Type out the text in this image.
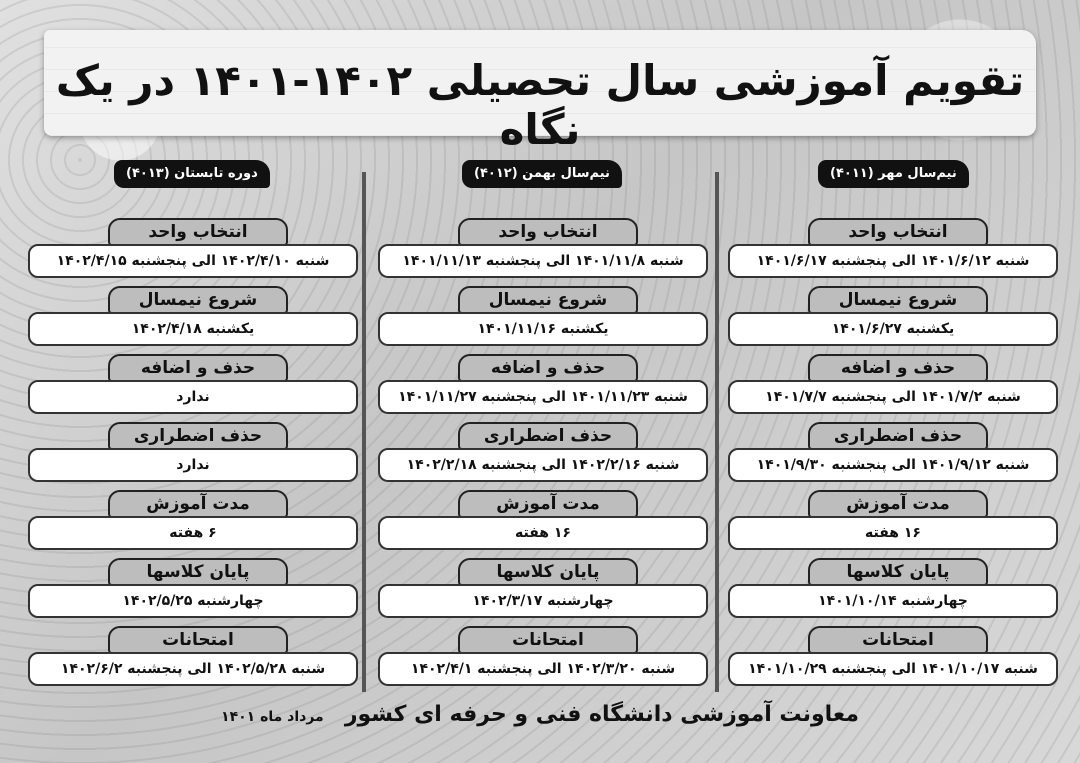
تقویم آموزشی سال تحصیلی ۱۴۰۲-۱۴۰۱ در یک نگاه
نیم‌سال مهر (۴۰۱۱)
انتخاب واحد
شنبه ۱۴۰۱/۶/۱۲ الی پنجشنبه ۱۴۰۱/۶/۱۷
شروع نیمسال
یکشنبه ۱۴۰۱/۶/۲۷
حذف و اضافه
شنبه ۱۴۰۱/۷/۲ الی پنجشنبه ۱۴۰۱/۷/۷
حذف اضطراری
شنبه ۱۴۰۱/۹/۱۲ الی پنجشنبه ۱۴۰۱/۹/۳۰
مدت آموزش
۱۶ هفته
پایان کلاسها
چهارشنبه ۱۴۰۱/۱۰/۱۴
امتحانات
شنبه ۱۴۰۱/۱۰/۱۷ الی پنجشنبه ۱۴۰۱/۱۰/۲۹
نیم‌سال بهمن (۴۰۱۲)
انتخاب واحد
شنبه ۱۴۰۱/۱۱/۸ الی پنجشنبه ۱۴۰۱/۱۱/۱۳
شروع نیمسال
یکشنبه ۱۴۰۱/۱۱/۱۶
حذف و اضافه
شنبه ۱۴۰۱/۱۱/۲۳ الی پنجشنبه ۱۴۰۱/۱۱/۲۷
حذف اضطراری
شنبه ۱۴۰۲/۲/۱۶ الی پنجشنبه ۱۴۰۲/۲/۱۸
مدت آموزش
۱۶ هفته
پایان کلاسها
چهارشنبه ۱۴۰۲/۳/۱۷
امتحانات
شنبه ۱۴۰۲/۳/۲۰ الی پنجشنبه ۱۴۰۲/۴/۱
دوره تابستان (۴۰۱۳)
انتخاب واحد
شنبه ۱۴۰۲/۴/۱۰ الی پنجشنبه ۱۴۰۲/۴/۱۵
شروع نیمسال
یکشنبه ۱۴۰۲/۴/۱۸
حذف و اضافه
ندارد
حذف اضطراری
ندارد
مدت آموزش
۶ هفته
پایان کلاسها
چهارشنبه ۱۴۰۲/۵/۲۵
امتحانات
شنبه ۱۴۰۲/۵/۲۸ الی پنجشنبه ۱۴۰۲/۶/۲
معاونت آموزشی دانشگاه فنی و حرفه ای کشور مرداد ماه ۱۴۰۱
